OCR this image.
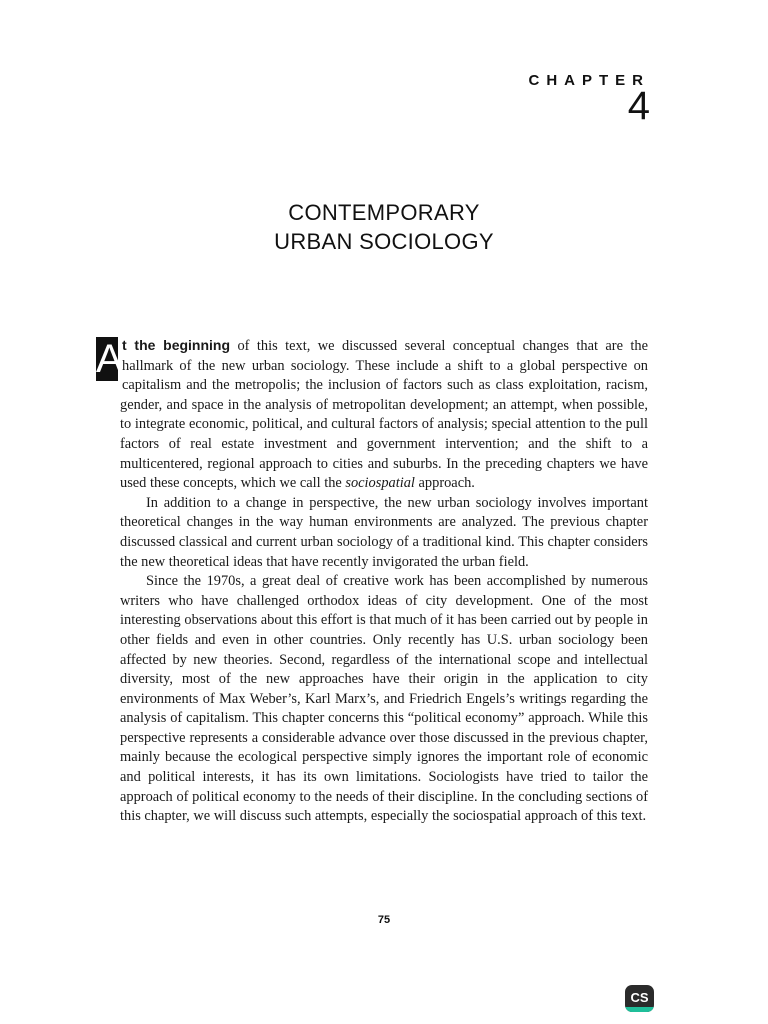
CHAPTER
4
CONTEMPORARY
URBAN SOCIOLOGY

A t the beginning of this text, we discussed several conceptual changes that are the hallmark of the new urban sociology. These include a shift to a global perspective on capitalism and the metropolis; the inclusion of factors such as class exploitation, racism, gender, and space in the analysis of metropolitan development; an attempt, when possible, to integrate economic, political, and cultural factors of analysis; special attention to the pull factors of real estate investment and government intervention; and the shift to a multicentered, regional approach to cities and suburbs. In the preceding chapters we have used these concepts, which we call the sociospatial approach.

In addition to a change in perspective, the new urban sociology involves important theoretical changes in the way human environments are analyzed. The previous chapter discussed classical and current urban sociology of a traditional kind. This chapter considers the new theoretical ideas that have recently invigorated the urban field.

Since the 1970s, a great deal of creative work has been accomplished by numerous writers who have challenged orthodox ideas of city development. One of the most interesting observations about this effort is that much of it has been carried out by people in other fields and even in other countries. Only recently has U.S. urban sociology been affected by new theories. Second, regardless of the international scope and intellectual diversity, most of the new approaches have their origin in the application to city environments of Max Weber’s, Karl Marx’s, and Friedrich Engels’s writings regarding the analysis of capitalism. This chapter concerns this “political economy” approach. While this perspective represents a considerable advance over those discussed in the previous chapter, mainly because the ecological perspective simply ignores the important role of economic and political interests, it has its own limitations. Sociologists have tried to tailor the approach of political economy to the needs of their discipline. In the concluding sections of this chapter, we will discuss such attempts, especially the sociospatial approach of this text.

75
CS
